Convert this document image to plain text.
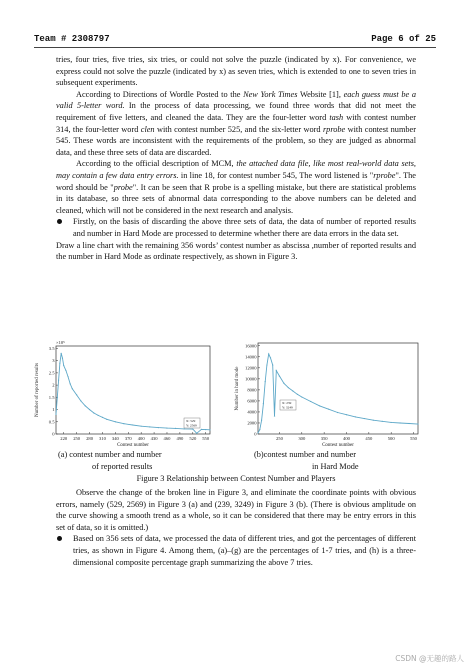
Team # 2308797	Page 6 of 25

tries, four tries, five tries, six tries, or could not solve the puzzle (indicated by x). For convenience, we express could not solve the puzzle (indicated by x) as seven tries, which is extended to one to seven tries in subsequent experiments.

According to Directions of Wordle Posted to the New York Times Website [1], each guess must be a valid 5-letter word. In the process of data processing, we found three words that did not meet the requirement of five letters, and cleaned the data. They are the four-letter word tash with contest number 314, the four-letter word clen with contest number 525, and the six-letter word rprobe with contest number 545. These words are inconsistent with the requirements of the problem, so they are judged as abnormal data, and these three sets of data are discarded.

According to the official description of MCM, the attached data file, like most real-world data sets, may contain a few data entry errors. in line 18, for contest number 545, The word listened is "rprobe". The word should be "probe". It can be seen that R probe is a spelling mistake, but there are statistical problems in its database, so three sets of abnormal data corresponding to the above numbers can be deleted and cleaned, which will not be considered in the next research and analysis.

Firstly, on the basis of discarding the above three sets of data, the data of number of reported results and number in Hard Mode are processed to determine whether there are data errors in the data set.

Draw a line chart with the remaining 356 words’ contest number as abscissa ,number of reported results and the number in Hard Mode as ordinate respectively, as shown in Figure 3.

220 250 280 310 340 370 400 430 460 490 520 550
0
0.5
1
1.5
2
2.5
3
3.5
Contest number
Number of reported results
×10⁵
X: 529
Y: 2569
250	300	350	400	450	500	550
0
2000
4000
6000
8000
10000
12000
14000
16000
Contest number
Number in hard mode	X: 239
Y: 3249
(a) contest number and number
of reported results
(b)contest number and number
in Hard Mode
Figure 3 Relationship between Contest Number and Players

Observe the change of the broken line in Figure 3, and eliminate the coordinate points with obvious errors, namely (529, 2569) in Figure 3 (a) and (239, 3249) in Figure 3 (b). (There is obvious amplitude on the curve showing a smooth trend as a whole, so it can be considered that there may be entry errors in this set of data, so it is omitted.)

Based on 356 sets of data, we processed the data of different tries, and got the percentages of different tries, as shown in Figure 4. Among them, (a)–(g) are the percentages of 1-7 tries, and (h) is a three-dimensional composite percentage graph summarizing the above 7 tries.

CSDN @无趣的路人
